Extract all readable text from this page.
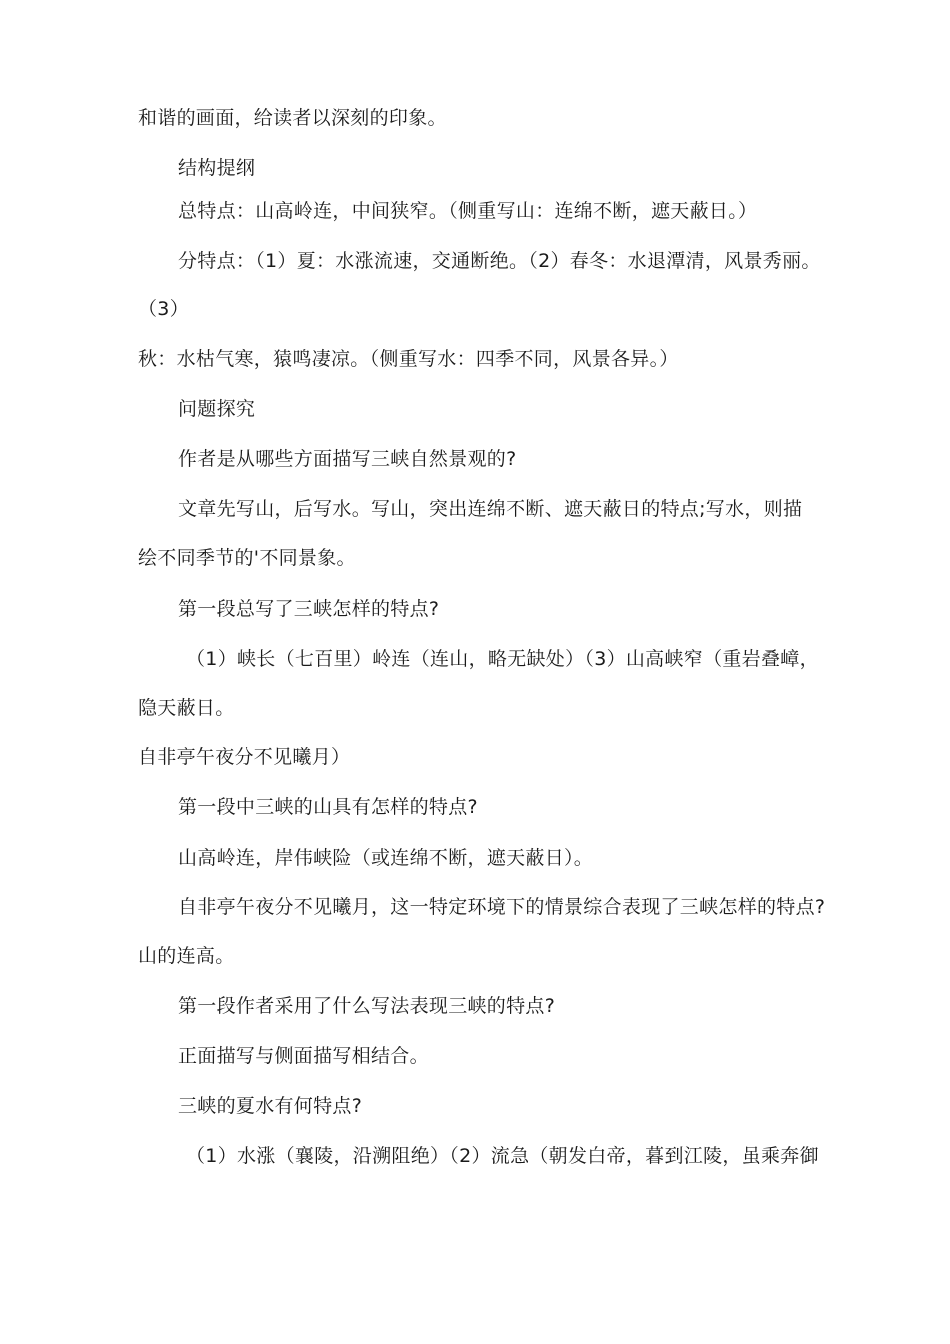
和谐的画面，给读者以深刻的印象。
结构提纲
总特点：山高岭连，中间狭窄。（侧重写山：连绵不断，遮天蔽日。）
分特点：（1）夏：水涨流速，交通断绝。（2）春冬：水退潭清，风景秀丽。
（3）
秋：水枯气寒，猿鸣凄凉。（侧重写水：四季不同，风景各异。）
问题探究
作者是从哪些方面描写三峡自然景观的?
文章先写山，后写水。写山，突出连绵不断、遮天蔽日的特点;写水，则描
绘不同季节的'不同景象。
第一段总写了三峡怎样的特点?
（1）峡长（七百里）岭连（连山，略无缺处）（3）山高峡窄（重岩叠嶂，
隐天蔽日。
自非亭午夜分不见曦月）
第一段中三峡的山具有怎样的特点?
山高岭连，岸伟峡险（或连绵不断，遮天蔽日）。
自非亭午夜分不见曦月，这一特定环境下的情景综合表现了三峡怎样的特点?
山的连高。
第一段作者采用了什么写法表现三峡的特点?
正面描写与侧面描写相结合。
三峡的夏水有何特点?
（1）水涨（襄陵，沿溯阻绝）（2）流急（朝发白帝，暮到江陵，虽乘奔御
